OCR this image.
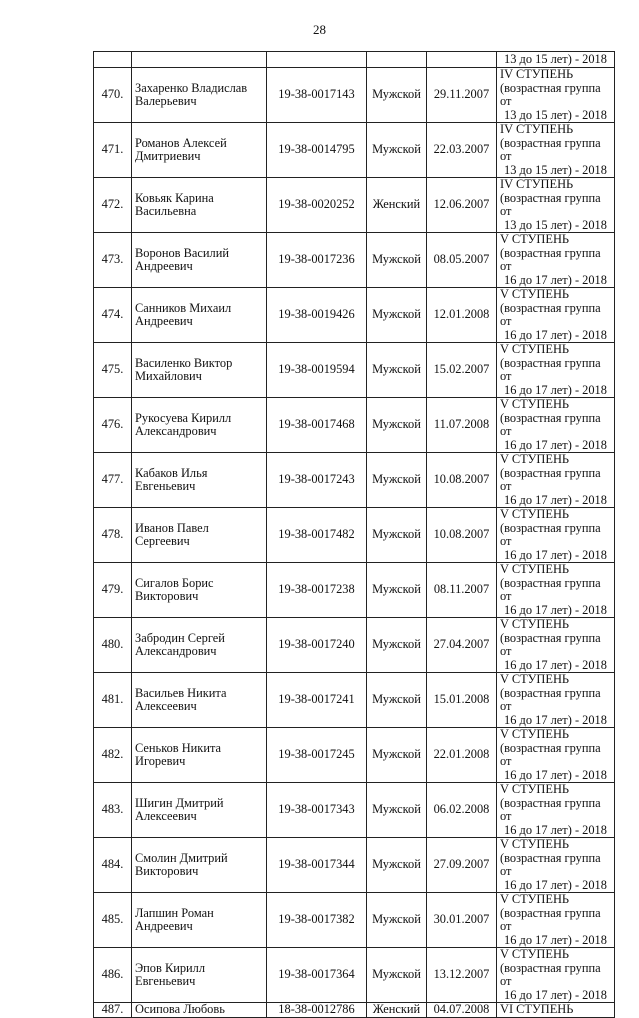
28
					13 до 15 лет) - 2018
470.	Захаренко Владислав
Валерьевич	19-38-0017143	Мужской	29.11.2007	IV СТУПЕНЬ
(возрастная группа от
13 до 15 лет) - 2018

471.	Романов Алексей
Дмитриевич	19-38-0014795	Мужской	22.03.2007	IV СТУПЕНЬ
(возрастная группа от
13 до 15 лет) - 2018

472.	Ковьяк Карина
Васильевна	19-38-0020252	Женский	12.06.2007	IV СТУПЕНЬ
(возрастная группа от
13 до 15 лет) - 2018

473.	Воронов Василий
Андреевич	19-38-0017236	Мужской	08.05.2007	V СТУПЕНЬ
(возрастная группа от
16 до 17 лет) - 2018

474.	Санников Михаил
Андреевич	19-38-0019426	Мужской	12.01.2008	V СТУПЕНЬ
(возрастная группа от
16 до 17 лет) - 2018

475.	Василенко Виктор
Михайлович	19-38-0019594	Мужской	15.02.2007	V СТУПЕНЬ
(возрастная группа от
16 до 17 лет) - 2018

476.	Рукосуева Кирилл
Александрович	19-38-0017468	Мужской	11.07.2008	V СТУПЕНЬ
(возрастная группа от
16 до 17 лет) - 2018

477.	Кабаков Илья
Евгеньевич	19-38-0017243	Мужской	10.08.2007	V СТУПЕНЬ
(возрастная группа от
16 до 17 лет) - 2018

478.	Иванов Павел
Сергеевич	19-38-0017482	Мужской	10.08.2007	V СТУПЕНЬ
(возрастная группа от
16 до 17 лет) - 2018

479.	Сигалов Борис
Викторович	19-38-0017238	Мужской	08.11.2007	V СТУПЕНЬ
(возрастная группа от
16 до 17 лет) - 2018

480.	Забродин Сергей
Александрович	19-38-0017240	Мужской	27.04.2007	V СТУПЕНЬ
(возрастная группа от
16 до 17 лет) - 2018

481.	Васильев Никита
Алексеевич	19-38-0017241	Мужской	15.01.2008	V СТУПЕНЬ
(возрастная группа от
16 до 17 лет) - 2018

482.	Сеньков Никита
Игоревич	19-38-0017245	Мужской	22.01.2008	V СТУПЕНЬ
(возрастная группа от
16 до 17 лет) - 2018

483.	Шигин Дмитрий
Алексеевич	19-38-0017343	Мужской	06.02.2008	V СТУПЕНЬ
(возрастная группа от
16 до 17 лет) - 2018

484.	Смолин Дмитрий
Викторович	19-38-0017344	Мужской	27.09.2007	V СТУПЕНЬ
(возрастная группа от
16 до 17 лет) - 2018

485.	Лапшин Роман
Андреевич	19-38-0017382	Мужской	30.01.2007	V СТУПЕНЬ
(возрастная группа от
16 до 17 лет) - 2018

486.	Эпов Кирилл
Евгеньевич	19-38-0017364	Мужской	13.12.2007	V СТУПЕНЬ
(возрастная группа от
16 до 17 лет) - 2018

487.	Осипова Любовь	18-38-0012786	Женский	04.07.2008	VI СТУПЕНЬ
